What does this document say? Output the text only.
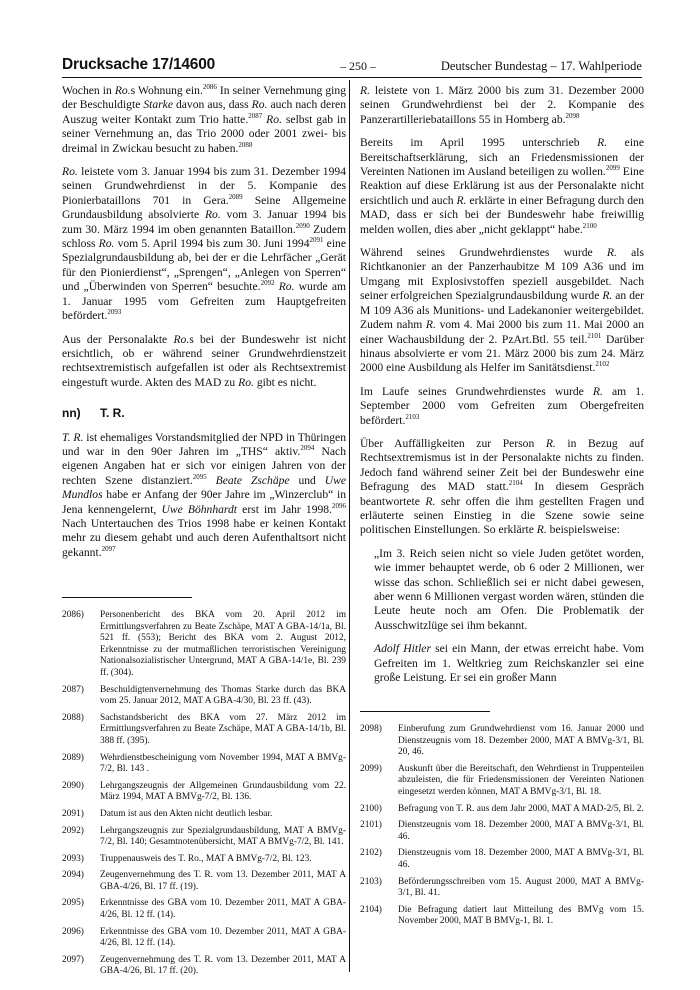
Drucksache 17/14600	– 250 –	Deutscher Bundestag – 17. Wahlperiode

Wochen in Ro.s Wohnung ein.$^{2086}$ In seiner Vernehmung ging der Beschuldigte Starke davon aus, dass Ro. auch nach deren Auszug weiter Kontakt zum Trio hatte.$^{2087}$ Ro. selbst gab in seiner Vernehmung an, das Trio 2000 oder 2001 zwei- bis dreimal in Zwickau besucht zu haben.$^{2088}$

Ro. leistete vom 3. Januar 1994 bis zum 31. Dezember 1994 seinen Grundwehrdienst in der 5. Kompanie des Pionierbataillons 701 in Gera.$^{2089}$ Seine Allgemeine Grundausbildung absolvierte Ro. vom 3. Januar 1994 bis zum 30. März 1994 im oben genannten Bataillon.$^{2090}$ Zudem schloss Ro. vom 5. April 1994 bis zum 30. Juni $1994^{2091}$ eine Spezialgrundausbildung ab, bei der er die Lehrfächer „Gerät für den Pionierdienst“, „Sprengen“, „Anlegen von Sperren“ und „Überwinden von Sperren“ besuchte.$^{2092}$ Ro. wurde am 1. Januar 1995 vom Gefreiten zum Hauptgefreiten befördert.$^{2093}$

Aus der Personalakte Ro.s bei der Bundeswehr ist nicht ersichtlich, ob er während seiner Grundwehrdienstzeit rechtsextremistisch aufgefallen ist oder als Rechtsextremist eingestuft wurde. Akten des MAD zu Ro. gibt es nicht.

nn) T. R.

T. R. ist ehemaliges Vorstandsmitglied der NPD in Thüringen und war in den 90er Jahren im „THS“ aktiv.$^{2094}$ Nach eigenen Angaben hat er sich vor einigen Jahren von der rechten Szene distanziert.$^{2095}$ Beate Zschäpe und Uwe Mundlos habe er Anfang der 90er Jahre im „Winzerclub“ in Jena kennengelernt, Uwe Böhnhardt erst im Jahr 1998.$^{2096}$ Nach Untertauchen des Trios 1998 habe er keinen Kontakt mehr zu diesem gehabt und auch deren Aufenthaltsort nicht gekannt.$^{2097}$

2086)	Personenbericht des BKA vom 20. April 2012 im Ermittlungsverfahren zu Beate Zschäpe, MAT A GBA-14/1a, Bl. 521 ff. (553); Bericht des BKA vom 2. August 2012, Erkenntnisse zu der mutmaßlichen terroristischen Vereinigung Nationalsozialistischer Untergrund, MAT A GBA-14/1e, Bl. 239 ff. (304).
2087)	Beschuldigtenvernehmung des Thomas Starke durch das BKA vom 25. Januar 2012, MAT A GBA-4/30, Bl. 23 ff. (43).
2088)	Sachstandsbericht des BKA vom 27. März 2012 im Ermittlungsverfahren zu Beate Zschäpe, MAT A GBA-14/1b, Bl. 388 ff. (395).
2089)	Wehrdienstbescheinigung vom November 1994, MAT A BMVg-7/2, Bl. 143 .
2090)	Lehrgangszeugnis der Allgemeinen Grundausbildung vom 22. März 1994, MAT A BMVg-7/2, Bl. 136.
2091)	Datum ist aus den Akten nicht deutlich lesbar.
2092)	Lehrgangszeugnis zur Spezialgrundausbildung, MAT A BMVg-7/2, Bl. 140; Gesamtnotenübersicht, MAT A BMVg-7/2, Bl. 141.
2093)	Truppenausweis des T. Ro., MAT A BMVg-7/2, Bl. 123.
2094)	Zeugenvernehmung des T. R. vom 13. Dezember 2011, MAT A GBA-4/26, Bl. 17 ff. (19).
2095)	Erkenntnisse des GBA vom 10. Dezember 2011, MAT A GBA-4/26, Bl. 12 ff. (14).
2096)	Erkenntnisse des GBA vom 10. Dezember 2011, MAT A GBA-4/26, Bl. 12 ff. (14).
2097)	Zeugenvernehmung des T. R. vom 13. Dezember 2011, MAT A GBA-4/26, Bl. 17 ff. (20).

R. leistete von 1. März 2000 bis zum 31. Dezember 2000 seinen Grundwehrdienst bei der 2. Kompanie des Panzerartilleriebataillons 55 in Homberg ab.$^{2098}$

Bereits im April 1995 unterschrieb R. eine Bereitschaftserklärung, sich an Friedensmissionen der Vereinten Nationen im Ausland beteiligen zu wollen.$^{2099}$ Eine Reaktion auf diese Erklärung ist aus der Personalakte nicht ersichtlich und auch R. erklärte in einer Befragung durch den MAD, dass er sich bei der Bundeswehr habe freiwillig melden wollen, dies aber „nicht geklappt“ habe.$^{2100}$

Während seines Grundwehrdienstes wurde R. als Richtkanonier an der Panzerhaubitze M 109 A36 und im Umgang mit Explosivstoffen speziell ausgebildet. Nach seiner erfolgreichen Spezialgrundausbildung wurde R. an der M 109 A36 als Munitions- und Ladekanonier weitergebildet. Zudem nahm R. vom 4. Mai 2000 bis zum 11. Mai 2000 an einer Wachausbildung der 2. PzArt.Btl. 55 teil.$^{2101}$ Darüber hinaus absolvierte er vom 21. März 2000 bis zum 24. März 2000 eine Ausbildung als Helfer im Sanitätsdienst.$^{2102}$

Im Laufe seines Grundwehrdienstes wurde R. am 1. September 2000 vom Gefreiten zum Obergefreiten befördert.$^{2103}$

Über Auffälligkeiten zur Person R. in Bezug auf Rechtsextremismus ist in der Personalakte nichts zu finden. Jedoch fand während seiner Zeit bei der Bundeswehr eine Befragung des MAD statt.$^{2104}$ In diesem Gespräch beantwortete R. sehr offen die ihm gestellten Fragen und erläuterte seinen Einstieg in die Szene sowie seine politischen Einstellungen. So erklärte R. beispielsweise:

„Im 3. Reich seien nicht so viele Juden getötet worden, wie immer behauptet werde, ob 6 oder 2 Millionen, wer wisse das schon. Schließlich sei er nicht dabei gewesen, aber wenn 6 Millionen vergast worden wären, stünden die Leute heute noch am Ofen. Die Problematik der Ausschwitzlüge sei ihm bekannt.

Adolf Hitler sei ein Mann, der etwas erreicht habe. Vom Gefreiten im 1. Weltkrieg zum Reichskanzler sei eine große Leistung. Er sei ein großer Mann

2098)	Einberufung zum Grundwehrdienst vom 16. Januar 2000 und Dienstzeugnis vom 18. Dezember 2000, MAT A BMVg-3/1, Bl. 20, 46.
2099)	Auskunft über die Bereitschaft, den Wehrdienst in Truppenteilen abzuleisten, die für Friedensmissionen der Vereinten Nationen eingesetzt werden können, MAT A BMVg-3/1, Bl. 18.
2100)	Befragung von T. R. aus dem Jahr 2000, MAT A MAD-2/5, Bl. 2.
2101)	Dienstzeugnis vom 18. Dezember 2000, MAT A BMVg-3/1, Bl. 46.
2102)	Dienstzeugnis vom 18. Dezember 2000, MAT A BMVg-3/1, Bl. 46.
2103)	Beförderungsschreiben vom 15. August 2000, MAT A BMVg-3/1, Bl. 41.
2104)	Die Befragung datiert laut Mitteilung des BMVg vom 15. November 2000, MAT B BMVg-1, Bl. 1.
